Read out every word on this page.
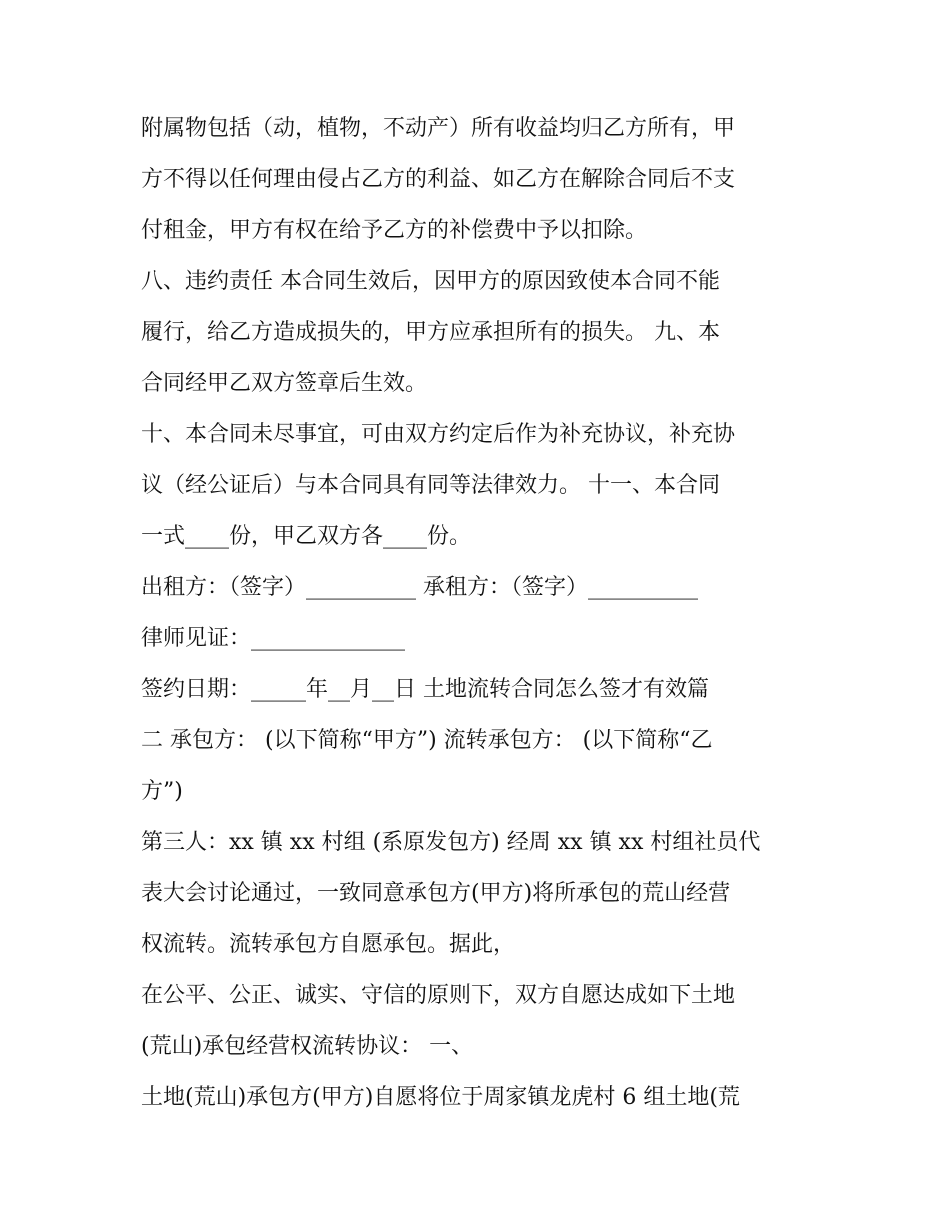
附属物包括（动，植物，不动产）所有收益均归乙方所有，甲
方不得以任何理由侵占乙方的利益、如乙方在解除合同后不支
付租金，甲方有权在给予乙方的补偿费中予以扣除。
八、违约责任 本合同生效后，因甲方的原因致使本合同不能
履行，给乙方造成损失的，甲方应承担所有的损失。 九、本
合同经甲乙双方签章后生效。
十、本合同未尽事宜，可由双方约定后作为补充协议，补充协
议（经公证后）与本合同具有同等法律效力。 十一、本合同
一式____份，甲乙双方各____份。
出租方：（签字）__________ 承租方：（签字）__________
律师见证：______________
签约日期：_____年__月__日 土地流转合同怎么签才有效篇
二 承包方： (以下简称“甲方”) 流转承包方： (以下简称“乙
方”)
第三人：xx 镇 xx 村组 (系原发包方) 经周 xx 镇 xx 村组社员代
表大会讨论通过，一致同意承包方(甲方)将所承包的荒山经营
权流转。流转承包方自愿承包。据此，
在公平、公正、诚实、守信的原则下，双方自愿达成如下土地
(荒山)承包经营权流转协议： 一、
土地(荒山)承包方(甲方)自愿将位于周家镇龙虎村 6 组土地(荒
